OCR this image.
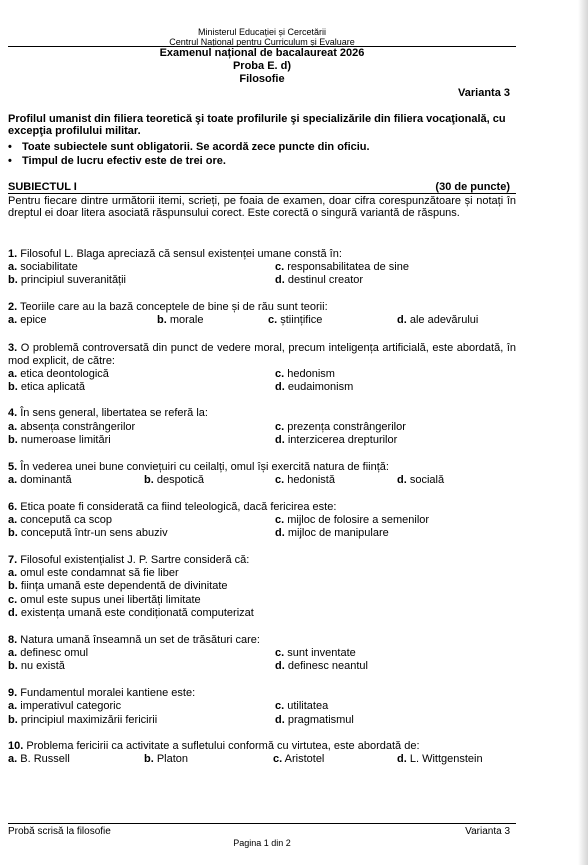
Ministerul Educației și Cercetării
Centrul Național pentru Curriculum și Evaluare
Examenul național de bacalaureat 2026
Proba E. d)
Filosofie
Varianta 3
Profilul umanist din filiera teoretică şi toate profilurile şi specializările din filiera vocaţională, cu excepţia profilului militar.
• Toate subiectele sunt obligatorii. Se acordă zece puncte din oficiu.
• Timpul de lucru efectiv este de trei ore.
SUBIECTUL I	(30 de puncte)
Pentru fiecare dintre următorii itemi, scrieți, pe foaia de examen, doar cifra corespunzătoare și notați în dreptul ei doar litera asociată răspunsului corect. Este corectă o singură variantă de răspuns.
1. Filosoful L. Blaga apreciază că sensul existenței umane constă în:
a. sociabilitate	c. responsabilitatea de sine
b. principiul suveranității	d. destinul creator
2. Teoriile care au la bază conceptele de bine și de rău sunt teorii:
a. epice	b. morale	c. științifice	d. ale adevărului
3. O problemă controversată din punct de vedere moral, precum inteligența artificială, este abordată, în mod explicit, de către:
a. etica deontologică	c. hedonism
b. etica aplicată	d. eudaimonism
4. În sens general, libertatea se referă la:
a. absența constrângerilor	c. prezența constrângerilor
b. numeroase limitări	d. interzicerea drepturilor
5. În vederea unei bune conviețuiri cu ceilalți, omul își exercită natura de ființă:
a. dominantă	b. despotică	c. hedonistă	d. socială
6. Etica poate fi considerată ca fiind teleologică, dacă fericirea este:
a. concepută ca scop	c. mijloc de folosire a semenilor
b. concepută într-un sens abuziv	d. mijloc de manipulare
7. Filosoful existențialist J. P. Sartre consideră că:
a. omul este condamnat să fie liber
b. ființa umană este dependentă de divinitate
c. omul este supus unei libertăți limitate
d. existența umană este condiționată computerizat
8. Natura umană înseamnă un set de trăsături care:
a. definesc omul	c. sunt inventate
b. nu există	d. definesc neantul
9. Fundamentul moralei kantiene este:
a. imperativul categoric	c. utilitatea
b. principiul maximizării fericirii	d. pragmatismul
10. Problema fericirii ca activitate a sufletului conformă cu virtutea, este abordată de:
a. B. Russell	b. Platon	c. Aristotel	d. L. Wittgenstein
Probă scrisă la filosofie	Varianta 3
Pagina 1 din 2
